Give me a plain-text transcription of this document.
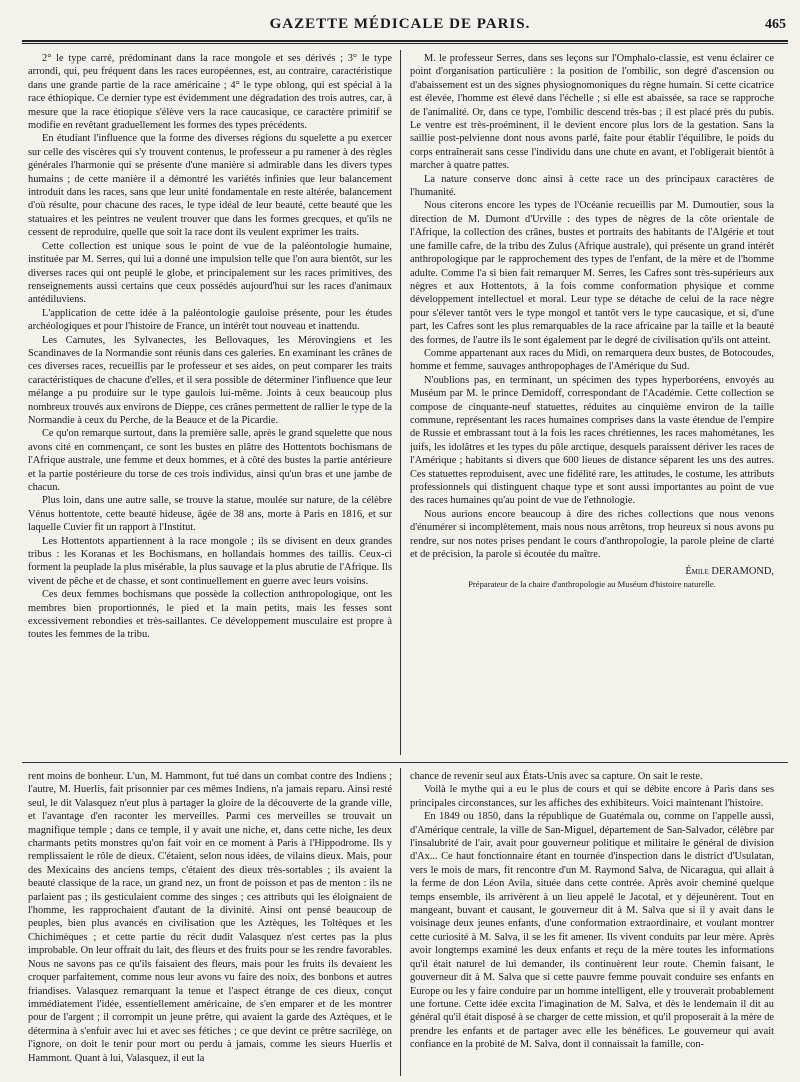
GAZETTE MÉDICALE DE PARIS.	465

2° le type carré, prédominant dans la race mongole et ses dérivés ; 3° le type arrondi, qui, peu fréquent dans les races européennes, est, au contraire, caractéristique dans une grande partie de la race américaine ; 4° le type oblong, qui est spécial à la race éthiopique. Ce dernier type est évidemment une dégradation des trois autres, car, à mesure que la race étiopique s'élève vers la race caucasique, ce caractère primitif se modifie en revêtant graduellement les formes des types précédents.

En étudiant l'influence que la forme des diverses régions du squelette a pu exercer sur celle des viscères qui s'y trouvent contenus, le professeur a pu ramener à des règles générales l'harmonie qui se présente d'une manière si admirable dans les divers types humains ; de cette manière il a démontré les variétés infinies que leur balancement introduit dans les races, sans que leur unité fondamentale en reste altérée, balancement d'où résulte, pour chacune des races, le type idéal de leur beauté, cette beauté que les statuaires et les peintres ne veulent trouver que dans les formes grecques, et qu'ils ne cessent de reproduire, quelle que soit la race dont ils veulent exprimer les traits.

Cette collection est unique sous le point de vue de la paléontologie humaine, instituée par M. Serres, qui lui a donné une impulsion telle que l'on aura bientôt, sur les diverses races qui ont peuplé le globe, et principalement sur les races primitives, des renseignements aussi certains que ceux possédés aujourd'hui sur les races d'animaux antédiluviens.

L'application de cette idée à la paléontologie gauloise présente, pour les études archéologiques et pour l'histoire de France, un intérêt tout nouveau et inattendu.

Les Carnutes, les Sylvanectes, les Bellovaques, les Mérovingiens et les Scandinaves de la Normandie sont réunis dans ces galeries. En examinant les crânes de ces diverses races, recueillis par le professeur et ses aides, on peut comparer les traits caractéristiques de chacune d'elles, et il sera possible de déterminer l'influence que leur mélange a pu produire sur le type gaulois lui-même. Joints à ceux beaucoup plus nombreux trouvés aux environs de Dieppe, ces crânes permettent de rallier le type de la Normandie à ceux du Perche, de la Beauce et de la Picardie.

Ce qu'on remarque surtout, dans la première salle, après le grand squelette que nous avons cité en commençant, ce sont les bustes en plâtre des Hottentots bochismans de l'Afrique australe, une femme et deux hommes, et à côté des bustes la partie antérieure et la partie postérieure du torse de ces trois individus, ainsi qu'un bras et une jambe de chacun.

Plus loin, dans une autre salle, se trouve la statue, moulée sur nature, de la célèbre Vénus hottentote, cette beauté hideuse, âgée de 38 ans, morte à Paris en 1816, et sur laquelle Cuvier fit un rapport à l'Institut.

Les Hottentots appartiennent à la race mongole ; ils se divisent en deux grandes tribus : les Koranas et les Bochismans, en hollandais hommes des taillis. Ceux-ci forment la peuplade la plus misérable, la plus sauvage et la plus abrutie de l'Afrique. Ils vivent de pêche et de chasse, et sont continuellement en guerre avec leurs voisins.

Ces deux femmes bochismans que possède la collection anthropologique, ont les membres bien proportionnés, le pied et la main petits, mais les fesses sont excessivement rebondies et très-saillantes. Ce développement musculaire est propre à toutes les femmes de la tribu.

M. le professeur Serres, dans ses leçons sur l'Omphalo-classie, est venu éclairer ce point d'organisation particulière : la position de l'ombilic, son degré d'ascension ou d'abaissement est un des signes physiognomoniques du règne humain. Si cette cicatrice est élevée, l'homme est élevé dans l'échelle ; si elle est abaissée, sa race se rapproche de l'animalité. Or, dans ce type, l'ombilic descend très-bas ; il est placé près du pubis. Le ventre est très-proéminent, il le devient encore plus lors de la gestation. Sans la saillie post-pelvienne dont nous avons parlé, faite pour établir l'équilibre, le poids du corps entraînerait sans cesse l'individu dans une chute en avant, et l'obligerait bientôt à marcher à quatre pattes.

La nature conserve donc ainsi à cette race un des principaux caractères de l'humanité.

Nous citerons encore les types de l'Océanie recueillis par M. Dumoutier, sous la direction de M. Dumont d'Urville : des types de nègres de la côte orientale de l'Afrique, la collection des crânes, bustes et portraits des habitants de l'Algérie et tout une famille cafre, de la tribu des Zulus (Afrique australe), qui présente un grand intérêt anthropologique par le rapprochement des types de l'enfant, de la mère et de l'homme adulte. Comme l'a si bien fait remarquer M. Serres, les Cafres sont très-supérieurs aux nègres et aux Hottentots, à la fois comme conformation physique et comme développement intellectuel et moral. Leur type se détache de celui de la race nègre pour s'élever tantôt vers le type mongol et tantôt vers le type caucasique, et si, d'une part, les Cafres sont les plus remarquables de la race africaine par la taille et la beauté des formes, de l'autre ils le sont également par le degré de civilisation qu'ils ont atteint.

Comme appartenant aux races du Midi, on remarquera deux bustes, de Botocoudes, homme et femme, sauvages anthropophages de l'Amérique du Sud.

N'oublions pas, en terminant, un spécimen des types hyperboréens, envoyés au Muséum par M. le prince Demidoff, correspondant de l'Académie. Cette collection se compose de cinquante-neuf statuettes, réduites au cinquième environ de la taille commune, représentant les races humaines comprises dans la vaste étendue de l'empire de Russie et embrassant tout à la fois les races chrétiennes, les races mahométanes, les juifs, les idolâtres et les types du pôle arctique, desquels paraissent dériver les races de l'Amérique ; habitants si divers que 600 lieues de distance séparent les uns des autres. Ces statuettes reproduisent, avec une fidélité rare, les attitudes, le costume, les attributs professionnels qui distinguent chaque type et sont aussi importantes au point de vue des races humaines qu'au point de vue de l'ethnologie.

Nous aurions encore beaucoup à dire des riches collections que nous venons d'énumérer si incomplètement, mais nous nous arrêtons, trop heureux si nous avons pu rendre, sur nos notes prises pendant le cours d'anthropologie, la parole pleine de clarté et de précision, la parole si écoutée du maître.

Émile DERAMOND,
Préparateur de la chaire d'anthropologie au Muséum d'histoire naturelle.

rent moins de bonheur. L'un, M. Hammont, fut tué dans un combat contre des Indiens ; l'autre, M. Huerlis, fait prisonnier par ces mêmes Indiens, n'a jamais reparu. Ainsi resté seul, le dit Valasquez n'eut plus à partager la gloire de la découverte de la grande ville, et l'avantage d'en raconter les merveilles. Parmi ces merveilles se trouvait un magnifique temple ; dans ce temple, il y avait une niche, et, dans cette niche, les deux charmants petits monstres qu'on fait voir en ce moment à Paris à l'Hippodrome. Ils y remplissaient le rôle de dieux. C'étaient, selon nous idées, de vilains dieux. Mais, pour des Mexicains des anciens temps, c'étaient des dieux très-sortables ; ils avaient la beauté classique de la race, un grand nez, un front de poisson et pas de menton : ils ne parlaient pas ; ils gesticulaient comme des singes ; ces attributs qui les éloignaient de l'homme, les rapprochaient d'autant de la divinité. Ainsi ont pensé beaucoup de peuples, bien plus avancés en civilisation que les Aztèques, les Toltèques et les Chichimèques ; et cette partie du récit dudit Valasquez n'est certes pas la plus improbable. On leur offrait du lait, des fleurs et des fruits pour se les rendre favorables. Nous ne savons pas ce qu'ils faisaient des fleurs, mais pour les fruits ils devaient les croquer parfaitement, comme nous leur avons vu faire des noix, des bonbons et autres friandises. Valasquez remarquant la tenue et l'aspect étrange de ces dieux, conçut immédiatement l'idée, essentiellement américaine, de s'en emparer et de les montrer pour de l'argent ; il corrompit un jeune prêtre, qui avaient la garde des Aztèques, et le détermina à s'enfuir avec lui et avec ses fétiches ; ce que devint ce prêtre sacrilège, on l'ignore, on doit le tenir pour mort ou perdu à jamais, comme les sieurs Huerlis et Hammont. Quant à lui, Valasquez, il eut la

chance de revenir seul aux États-Unis avec sa capture. On sait le reste.

Voilà le mythe qui a eu le plus de cours et qui se débite encore à Paris dans ses principales circonstances, sur les affiches des exhibiteurs. Voici maintenant l'histoire.

En 1849 ou 1850, dans la république de Guatémala ou, comme on l'appelle aussi, d'Amérique centrale, la ville de San-Miguel, département de San-Salvador, célèbre par l'insalubrité de l'air, avait pour gouverneur politique et militaire le général de division d'Ax... Ce haut fonctionnaire étant en tournée d'inspection dans le district d'Usulatan, vers le mois de mars, fit rencontre d'un M. Raymond Salva, de Nicaragua, qui allait à la ferme de don Léon Avila, située dans cette contrée. Après avoir cheminé quelque temps ensemble, ils arrivèrent à un lieu appelé le Jacotal, et y déjeunèrent. Tout en mangeant, buvant et causant, le gouverneur dit à M. Salva que si il y avait dans le voisinage deux jeunes enfants, d'une conformation extraordinaire, et voulant montrer cette curiosité à M. Salva, il se les fit amener. Ils vivent conduits par leur mère. Après avoir longtemps examiné les deux enfants et reçu de la mère toutes les informations qu'il était naturel de lui demander, ils continuèrent leur route. Chemin faisant, le gouverneur dit à M. Salva que si cette pauvre femme pouvait conduire ses enfants en Europe ou les y faire conduire par un homme intelligent, elle y trouverait probablement une fortune. Cette idée excita l'imagination de M. Salva, et dès le lendemain il dit au général qu'il était disposé à se charger de cette mission, et qu'il proposerait à la mère de prendre les enfants et de partager avec elle les bénéfices. Le gouverneur qui avait confiance en la probité de M. Salva, dont il connaissait la famille, con-
